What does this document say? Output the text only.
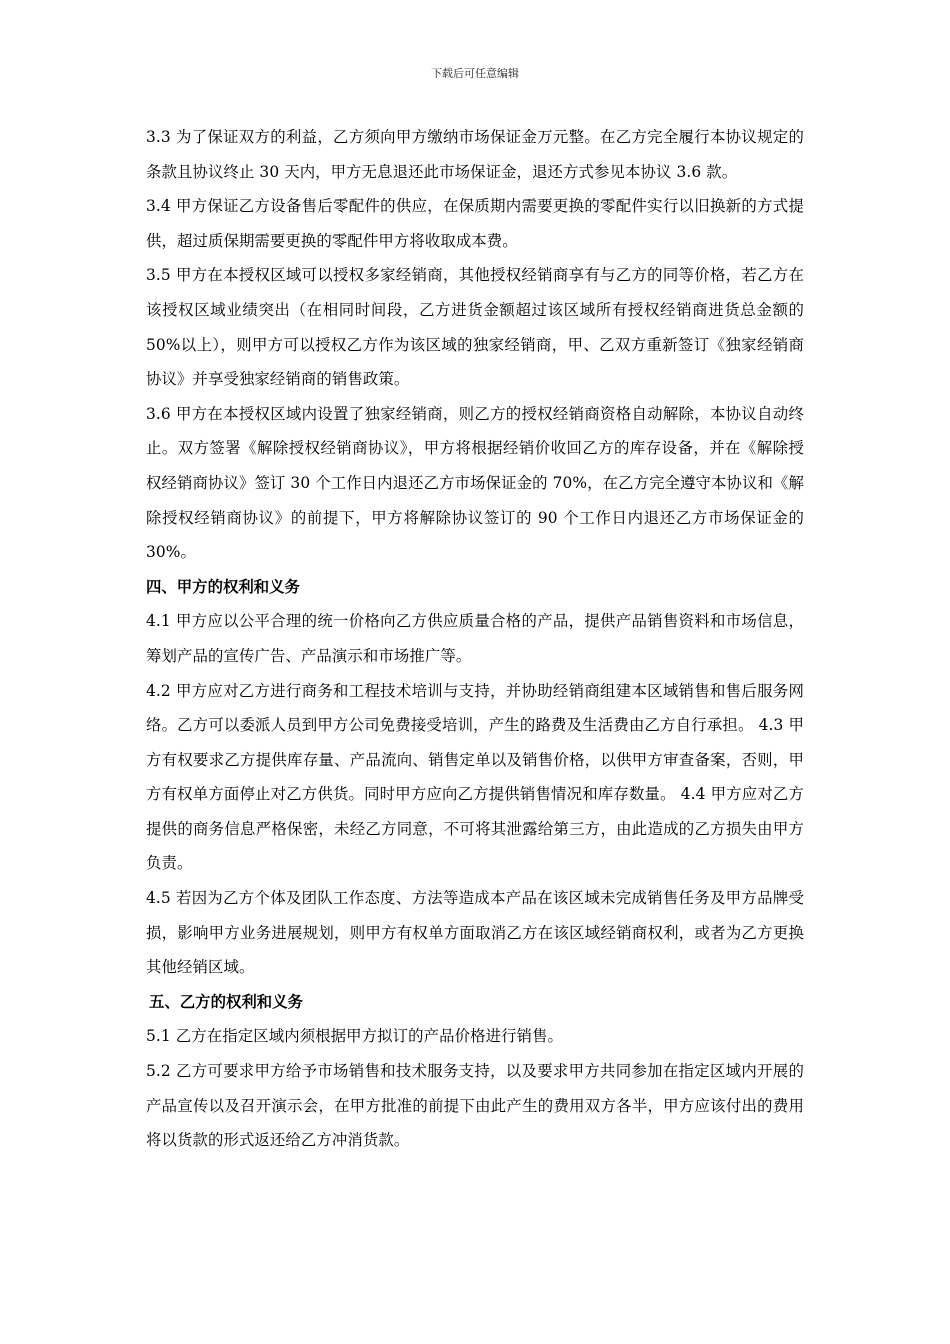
下载后可任意编辑

3.3 为了保证双方的利益，乙方须向甲方缴纳市场保证金万元整。在乙方完全履行本协议规定的条款且协议终止 30 天内，甲方无息退还此市场保证金，退还方式参见本协议 3.6 款。

3.4 甲方保证乙方设备售后零配件的供应，在保质期内需要更换的零配件实行以旧换新的方式提供，超过质保期需要更换的零配件甲方将收取成本费。

3.5 甲方在本授权区域可以授权多家经销商，其他授权经销商享有与乙方的同等价格，若乙方在该授权区域业绩突出（在相同时间段，乙方进货金额超过该区域所有授权经销商进货总金额的 50%以上），则甲方可以授权乙方作为该区域的独家经销商，甲、乙双方重新签订《独家经销商协议》并享受独家经销商的销售政策。

3.6 甲方在本授权区域内设置了独家经销商，则乙方的授权经销商资格自动解除，本协议自动终止。双方签署《解除授权经销商协议》，甲方将根据经销价收回乙方的库存设备，并在《解除授权经销商协议》签订 30 个工作日内退还乙方市场保证金的 70%，在乙方完全遵守本协议和《解除授权经销商协议》的前提下，甲方将解除协议签订的 90 个工作日内退还乙方市场保证金的 30%。

四、甲方的权利和义务

4.1 甲方应以公平合理的统一价格向乙方供应质量合格的产品，提供产品销售资料和市场信息，筹划产品的宣传广告、产品演示和市场推广等。

4.2 甲方应对乙方进行商务和工程技术培训与支持，并协助经销商组建本区域销售和售后服务网络。乙方可以委派人员到甲方公司免费接受培训，产生的路费及生活费由乙方自行承担。 4.3 甲方有权要求乙方提供库存量、产品流向、销售定单以及销售价格，以供甲方审查备案，否则，甲方有权单方面停止对乙方供货。同时甲方应向乙方提供销售情况和库存数量。 4.4 甲方应对乙方提供的商务信息严格保密，未经乙方同意，不可将其泄露给第三方，由此造成的乙方损失由甲方负责。

4.5 若因为乙方个体及团队工作态度、方法等造成本产品在该区域未完成销售任务及甲方品牌受损，影响甲方业务进展规划，则甲方有权单方面取消乙方在该区域经销商权利，或者为乙方更换其他经销区域。

五、乙方的权利和义务

5.1 乙方在指定区域内须根据甲方拟订的产品价格进行销售。

5.2 乙方可要求甲方给予市场销售和技术服务支持，以及要求甲方共同参加在指定区域内开展的产品宣传以及召开演示会，在甲方批准的前提下由此产生的费用双方各半，甲方应该付出的费用将以货款的形式返还给乙方冲消货款。
